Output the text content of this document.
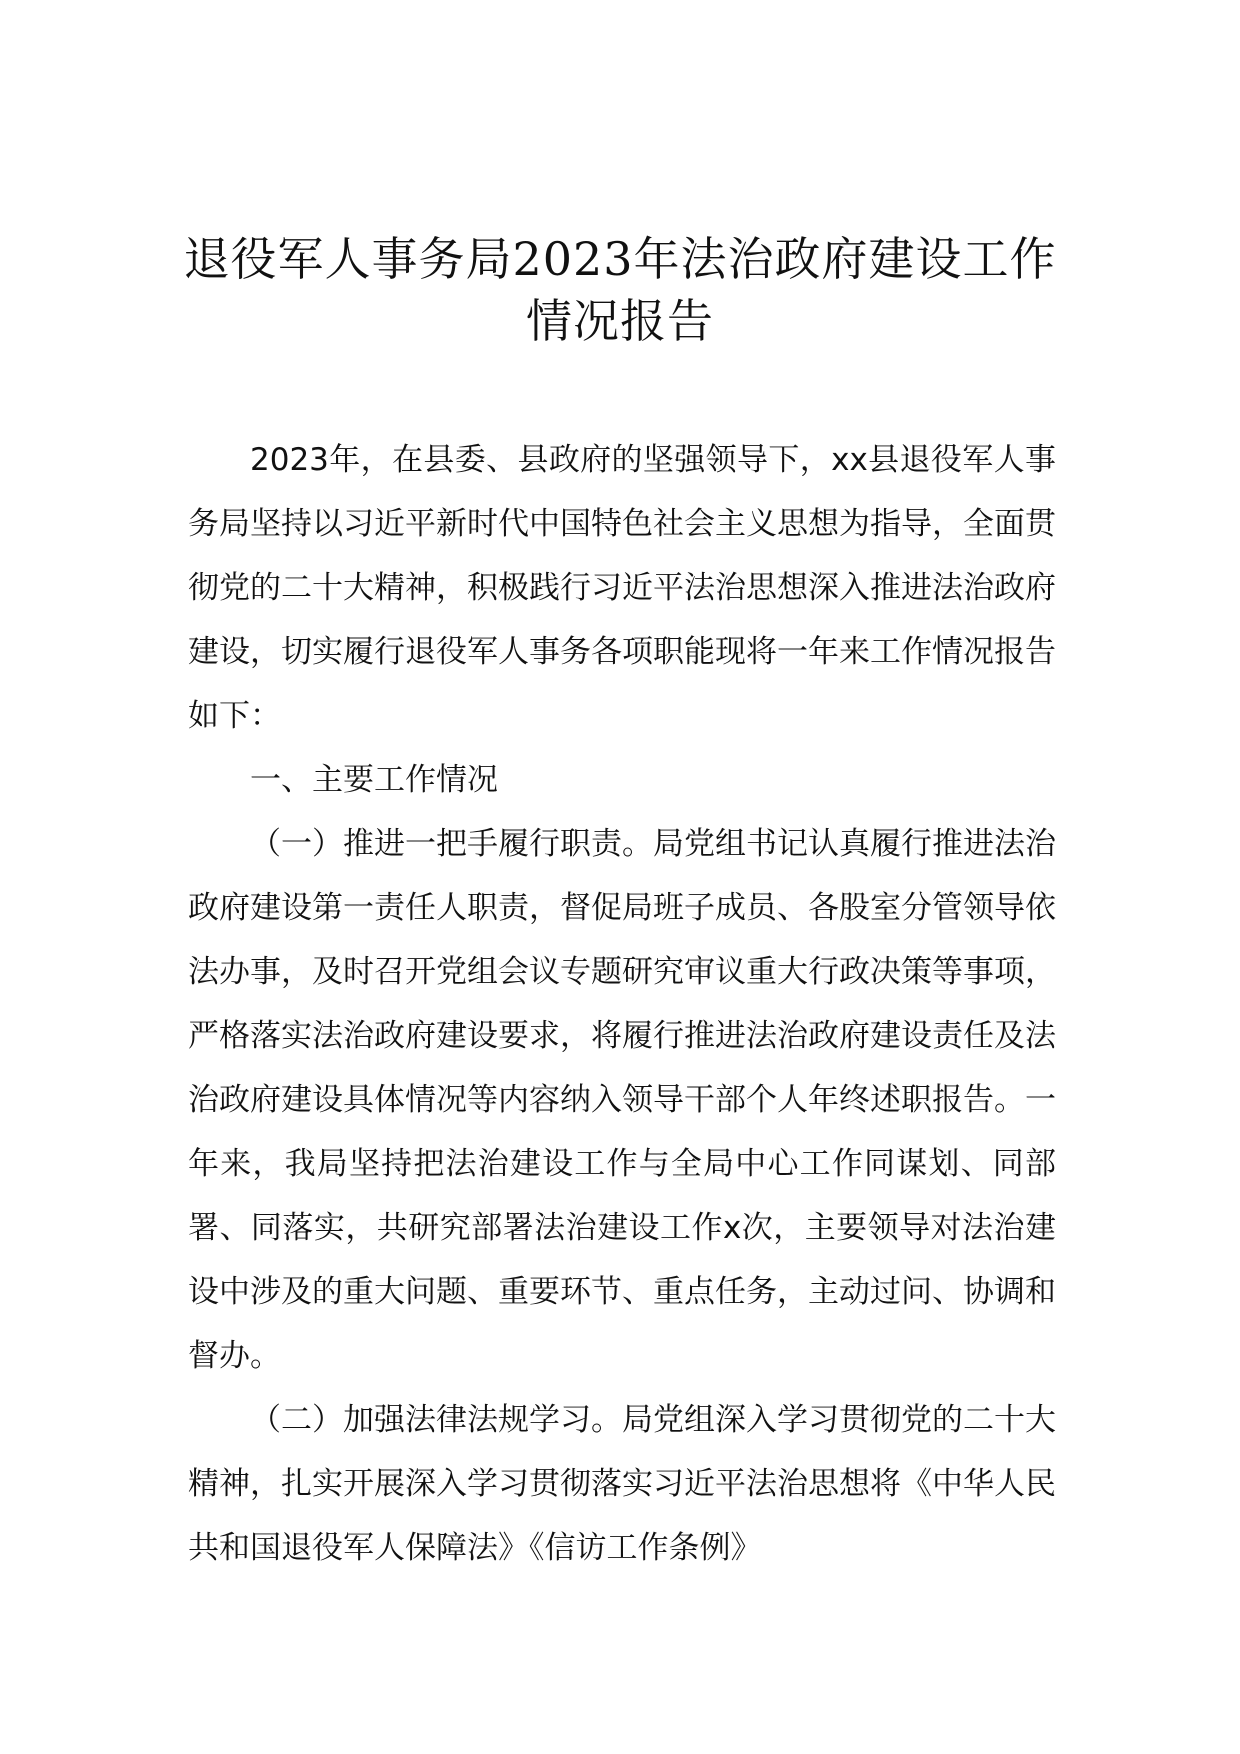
退役军人事务局2023年法治政府建设工作
情况报告

2023年，在县委、县政府的坚强领导下，xx县退役军人事务局坚持以习近平新时代中国特色社会主义思想为指导，全面贯彻党的二十大精神，积极践行习近平法治思想深入推进法治政府建设，切实履行退役军人事务各项职能现将一年来工作情况报告如下：

一、主要工作情况

（一）推进一把手履行职责。局党组书记认真履行推进法治政府建设第一责任人职责，督促局班子成员、各股室分管领导依法办事，及时召开党组会议专题研究审议重大行政决策等事项，严格落实法治政府建设要求，将履行推进法治政府建设责任及法治政府建设具体情况等内容纳入领导干部个人年终述职报告。一年来，我局坚持把法治建设工作与全局中心工作同谋划、同部署、同落实，共研究部署法治建设工作x次，主要领导对法治建设中涉及的重大问题、重要环节、重点任务，主动过问、协调和督办。

（二）加强法律法规学习。局党组深入学习贯彻党的二十大精神，扎实开展深入学习贯彻落实习近平法治思想将《中华人民共和国退役军人保障法》《信访工作条例》
